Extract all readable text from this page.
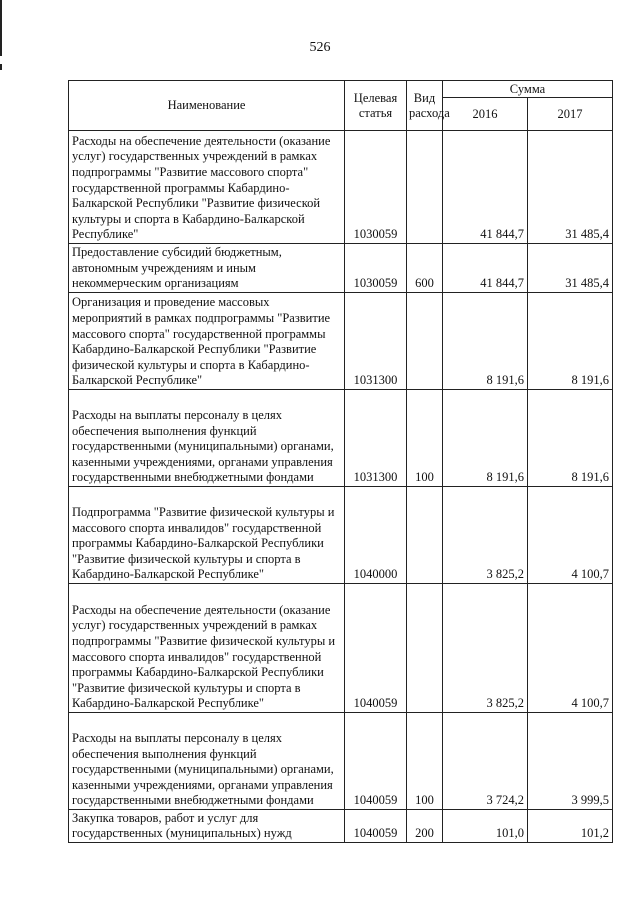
526
Наименование	Целевая статья	Вид расхода	Сумма	
			2016	2017
Расходы на обеспечение деятельности (оказание услуг) государственных учреждений в рамках подпрограммы "Развитие массового спорта" государственной программы Кабардино-Балкарской Республики "Развитие физической культуры и спорта в Кабардино-Балкарской Республике"	1030059		41 844,7	31 485,4
Предоставление субсидий бюджетным, автономным учреждениям и иным некоммерческим организациям	1030059	600	41 844,7	31 485,4
Организация и проведение массовых мероприятий в рамках подпрограммы "Развитие массового спорта" государственной программы Кабардино-Балкарской Республики "Развитие физической культуры и спорта в Кабардино-Балкарской Республике"	1031300		8 191,6	8 191,6
Расходы на выплаты персоналу в целях обеспечения выполнения функций государственными (муниципальными) органами, казенными учреждениями, органами управления государственными внебюджетными фондами	1031300	100	8 191,6	8 191,6
Подпрограмма "Развитие физической культуры и массового спорта инвалидов" государственной программы Кабардино-Балкарской Республики "Развитие физической культуры и спорта в Кабардино-Балкарской Республике"	1040000		3 825,2	4 100,7
Расходы на обеспечение деятельности (оказание услуг) государственных учреждений в рамках подпрограммы "Развитие физической культуры и массового спорта инвалидов" государственной программы Кабардино-Балкарской Республики "Развитие физической культуры и спорта в Кабардино-Балкарской Республике"	1040059		3 825,2	4 100,7
Расходы на выплаты персоналу в целях обеспечения выполнения функций государственными (муниципальными) органами, казенными учреждениями, органами управления государственными внебюджетными фондами	1040059	100	3 724,2	3 999,5
Закупка товаров, работ и услуг для государственных (муниципальных) нужд	1040059	200	101,0	101,2
